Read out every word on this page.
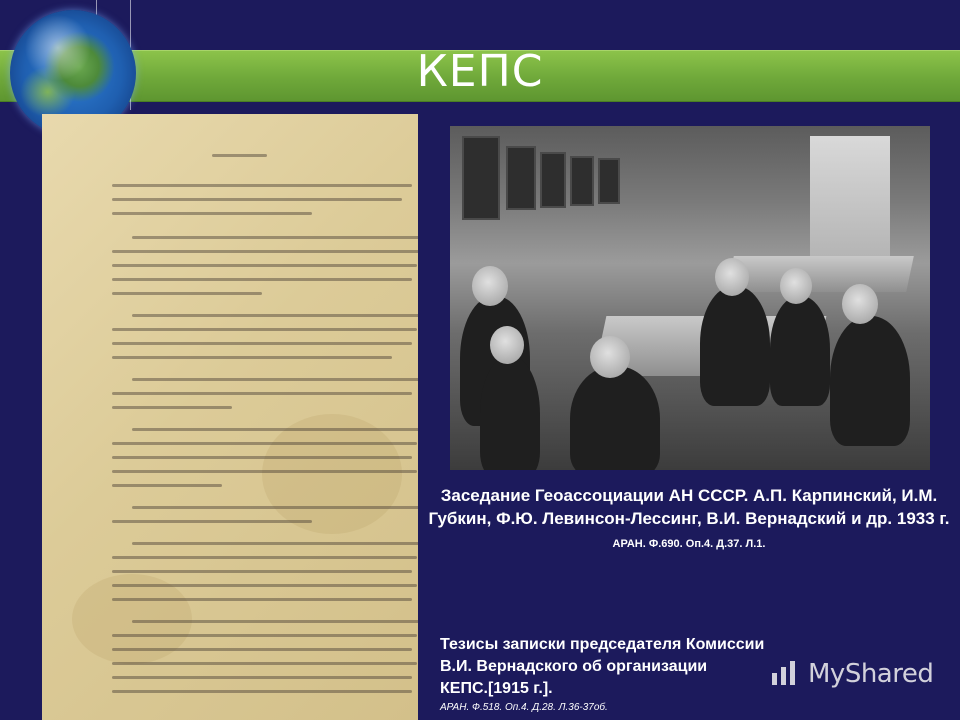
КЕПС
Заседание Геоассоциации АН СССР. А.П. Карпинский, И.М. Губкин, Ф.Ю. Левинсон-Лессинг, В.И. Вернадский и др. 1933 г. АРАН. Ф.690. Оп.4. Д.37. Л.1.
Тезисы записки председателя Комиссии
В.И. Вернадского об организации
КЕПС.[1915 г.].
АРАН. Ф.518. Оп.4. Д.28. Л.36-37об.
MyShared
